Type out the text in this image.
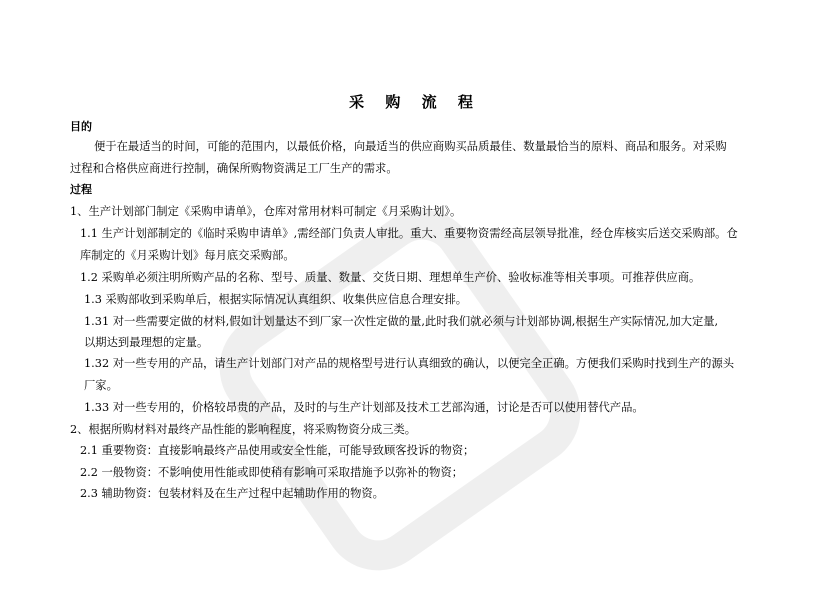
采 购 流 程
目的
便于在最适当的时间，可能的范围内，以最低价格，向最适当的供应商购买品质最佳、数量最恰当的原料、商品和服务。对采购
过程和合格供应商进行控制，确保所购物资满足工厂生产的需求。
过程
1、生产计划部门制定《采购申请单》，仓库对常用材料可制定《月采购计划》。
1.1 生产计划部制定的《临时采购申请单》,需经部门负责人审批。重大、重要物资需经高层领导批准，经仓库核实后送交采购部。仓
库制定的《月采购计划》每月底交采购部。
1.2 采购单必须注明所购产品的名称、型号、质量、数量、交货日期、理想单生产价、验收标准等相关事项。可推荐供应商。
1.3 采购部收到采购单后，根据实际情况认真组织、收集供应信息合理安排。
1.31 对一些需要定做的材料,假如计划量达不到厂家一次性定做的量,此时我们就必须与计划部协调,根据生产实际情况,加大定量,
以期达到最理想的定量。
1.32 对一些专用的产品，请生产计划部门对产品的规格型号进行认真细致的确认，以便完全正确。方便我们采购时找到生产的源头
厂家。
1.33 对一些专用的，价格较昂贵的产品，及时的与生产计划部及技术工艺部沟通，讨论是否可以使用替代产品。
2、根据所购材料对最终产品性能的影响程度，将采购物资分成三类。
2.1 重要物资：直接影响最终产品使用或安全性能，可能导致顾客投诉的物资；
2.2 一般物资：不影响使用性能或即使稍有影响可采取措施予以弥补的物资；
2.3 辅助物资：包装材料及在生产过程中起辅助作用的物资。
